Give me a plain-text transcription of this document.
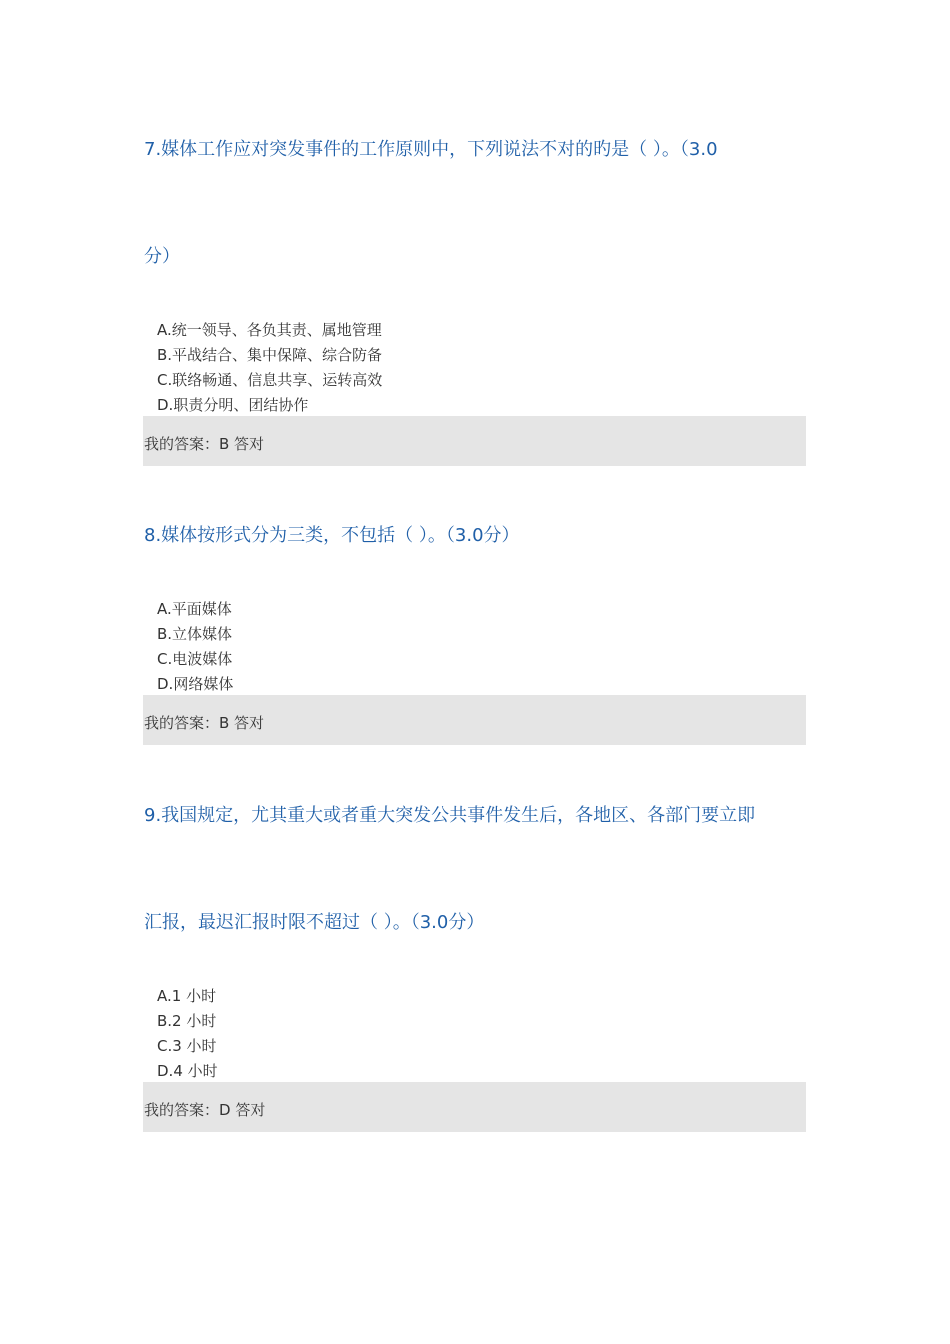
7.媒体工作应对突发事件的工作原则中，下列说法不对的旳是（ ）。（3.0
分）
A.统一领导、各负其责、属地管理
B.平战结合、集中保障、综合防备
C.联络畅通、信息共享、运转高效
D.职责分明、团结协作
我的答案：B 答对
8.媒体按形式分为三类，不包括（ ）。（3.0分）
A.平面媒体
B.立体媒体
C.电波媒体
D.网络媒体
我的答案：B 答对
9.我国规定，尤其重大或者重大突发公共事件发生后，各地区、各部门要立即
汇报，最迟汇报时限不超过（ ）。（3.0分）
A.1 小时
B.2 小时
C.3 小时
D.4 小时
我的答案：D 答对
